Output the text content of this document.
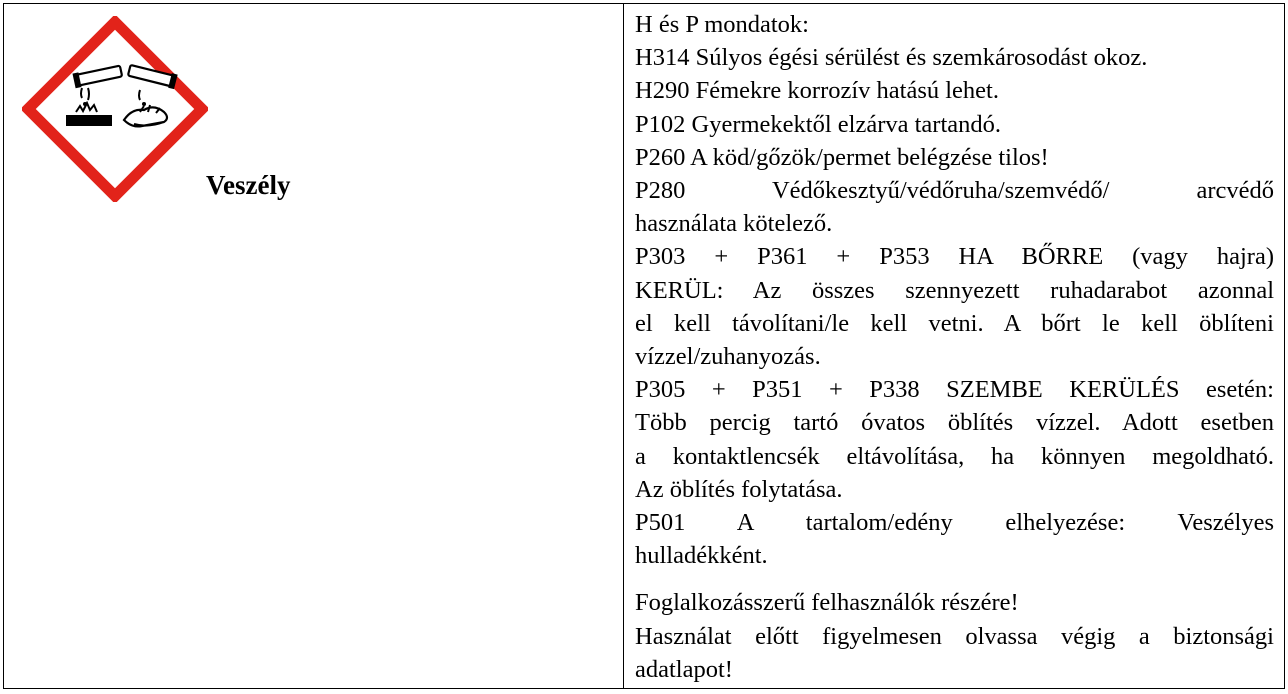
Veszély
H és P mondatok:
H314 Súlyos égési sérülést és szemkárosodást okoz.
H290 Fémekre korrozív hatású lehet.
P102 Gyermekektől elzárva tartandó.
P260 A köd/gőzök/permet belégzése tilos!
P280 Védőkesztyű/védőruha/szemvédő/ arcvédő
használata kötelező.
P303 + P361 + P353 HA BŐRRE (vagy hajra)
KERÜL: Az összes szennyezett ruhadarabot azonnal
el kell távolítani/le kell vetni. A bőrt le kell öblíteni
vízzel/zuhanyozás.
P305 + P351 + P338 SZEMBE KERÜLÉS esetén:
Több percig tartó óvatos öblítés vízzel. Adott esetben
a kontaktlencsék eltávolítása, ha könnyen megoldható.
Az öblítés folytatása.
P501 A tartalom/edény elhelyezése: Veszélyes
hulladékként.
Foglalkozásszerű felhasználók részére!
Használat előtt figyelmesen olvassa végig a biztonsági
adatlapot!
